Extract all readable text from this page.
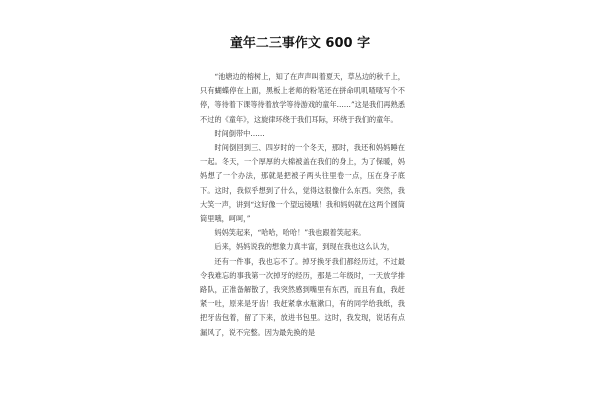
童年二三事作文 600 字

“池塘边的榕树上，知了在声声叫着夏天，草丛边的秋千上，只有蝴蝶停在上面，黑板上老师的粉笔还在拼命叽叽喳喳写个不停，等待着下课等待着放学等待游戏的童年……”这是我们再熟悉不过的《童年》，这旋律环绕于我们耳际，环绕于我们的童年。

时间倒带中……

时间倒回到三、四岁时的一个冬天，那时，我还和妈妈睡在一起。冬天，一个厚厚的大棉被盖在我们的身上，为了保暖，妈妈想了一个办法，那就是把被子两头往里卷一点，压在身子底下。这时，我似乎想到了什么，觉得这很像什么东西。突然，我大笑一声，讲到“这好像一个望远镜哦！我和妈妈就在这两个圆筒筒里哦，呵呵，”

妈妈笑起来，“哈哈，哈哈！”我也跟着笑起来。

后来，妈妈说我的想象力真丰富，到现在我也这么认为，

还有一件事，我也忘不了。掉牙换牙我们都经历过，不过最令我难忘的事我第一次掉牙的经历，那是二年级时，一天放学排路队，正准备解散了，我突然感到嘴里有东西，而且有血，我赶紧一吐，原来是牙齿！我赶紧拿水瓶漱口，有的同学给我纸，我把牙齿包着，留了下来，放进书包里。这时，我发现，说话有点漏风了，说不完整。因为最先换的是
